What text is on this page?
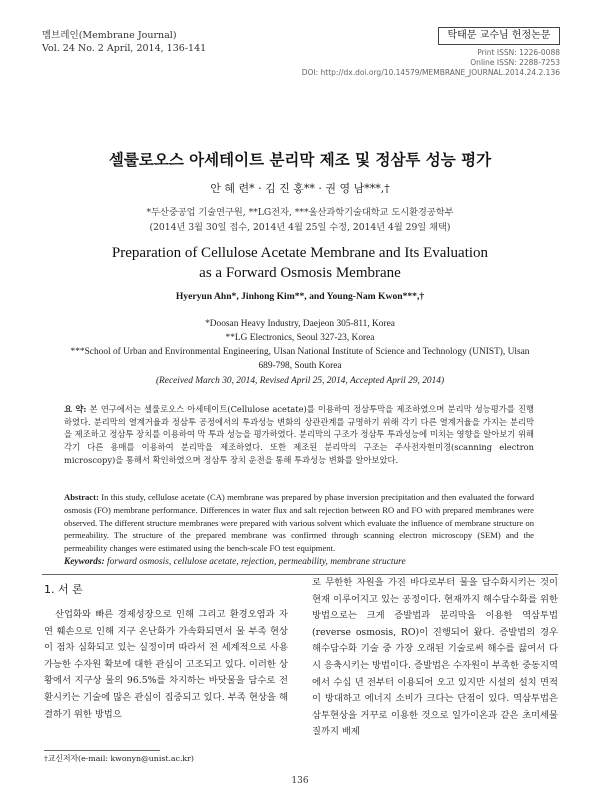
멤브레인(Membrane Journal)
Vol. 24 No. 2 April, 2014, 136-141
탁태문 교수님 헌정논문
Print ISSN: 1226-0088
Online ISSN: 2288-7253
DOI: http://dx.doi.org/10.14579/MEMBRANE_JOURNAL.2014.24.2.136
셀룰로오스 아세테이트 분리막 제조 및 정삼투 성능 평가
안 혜 련* · 김 진 홍** · 권 영 남***,†
*두산중공업 기술연구원, **LG전자, ***울산과학기술대학교 도시환경공학부
(2014년 3월 30일 접수, 2014년 4월 25일 수정, 2014년 4월 29일 채택)
Preparation of Cellulose Acetate Membrane and Its Evaluation
as a Forward Osmosis Membrane
Hyeryun Ahn*, Jinhong Kim**, and Young-Nam Kwon***,†
*Doosan Heavy Industry, Daejeon 305-811, Korea
**LG Electronics, Seoul 327-23, Korea
***School of Urban and Environmental Engineering, Ulsan National Institute of Science and Technology (UNIST), Ulsan
689-798, South Korea
(Received March 30, 2014, Revised April 25, 2014, Accepted April 29, 2014)
요 약: 본 연구에서는 셀룰로오스 아세테이트(Cellulose acetate)를 이용하여 정삼투막을 제조하였으며 분리막 성능평가를 진행하였다. 분리막의 열계거율과 정삼투 공정에서의 투과성능 변화의 상관관계를 규명하기 위해 각기 다른 열계거율을 가지는 분리막을 제조하고 정삼투 장치를 이용하여 막 투과 성능을 평가하였다. 분리막의 구조가 정삼투 투과성능에 미치는 영향을 알아보기 위해 각기 다른 용매를 이용하여 분리막을 제조하였다. 또한 제조된 분리막의 구조는 주사전자현미경(scanning electron microscopy)을 통해서 확인하였으며 정삼투 장치 운전을 통해 투과성능 변화를 알아보았다.
Abstract: In this study, cellulose acetate (CA) membrane was prepared by phase inversion precipitation and then evaluated the forward osmosis (FO) membrane performance. Differences in water flux and salt rejection between RO and FO with prepared membranes were observed. The different structure membranes were prepared with various solvent which evaluate the influence of membrane structure on permeability. The structure of the prepared membrane was confirmed through scanning electron microscopy (SEM) and the permeability changes were estimated using the bench-scale FO test equipment.
Keywords: forward osmosis, cellulose acetate, rejection, permeability, membrane structure
1. 서 론

산업화와 빠른 경제성장으로 인해 그리고 환경오염과 자연 훼손으로 인해 지구 온난화가 가속화되면서 물 부족 현상이 점차 심화되고 있는 실정이며 따라서 전 세계적으로 사용가능한 수자원 확보에 대한 관심이 고조되고 있다. 이러한 상황에서 지구상 물의 96.5%를 차지하는 바닷물을 담수로 전환시키는 기술에 많은 관심이 집중되고 있다. 부족 현상을 해결하기 위한 방법으

로 무한한 자원을 가진 바다로부터 물을 담수화시키는 것이 현재 이루어지고 있는 공정이다. 현재까지 해수담수화를 위한 방법으로는 크게 증발법과 분리막을 이용한 역삼투법(reverse osmosis, RO)이 진행되어 왔다. 증발법의 경우 해수담수화 기술 중 가장 오래된 기술로써 해수를 끓여서 다시 응축시키는 방법이다. 증발법은 수자원이 부족한 중동지역에서 수십 년 전부터 이용되어 오고 있지만 시설의 설치 면적이 방대하고 에너지 소비가 크다는 단점이 있다. 역삼투법은 삼투현상을 거꾸로 이용한 것으로 일가이온과 같은 초미세물질까지 배제

†교신저자(e-mail: kwonyn@unist.ac.kr)
136
